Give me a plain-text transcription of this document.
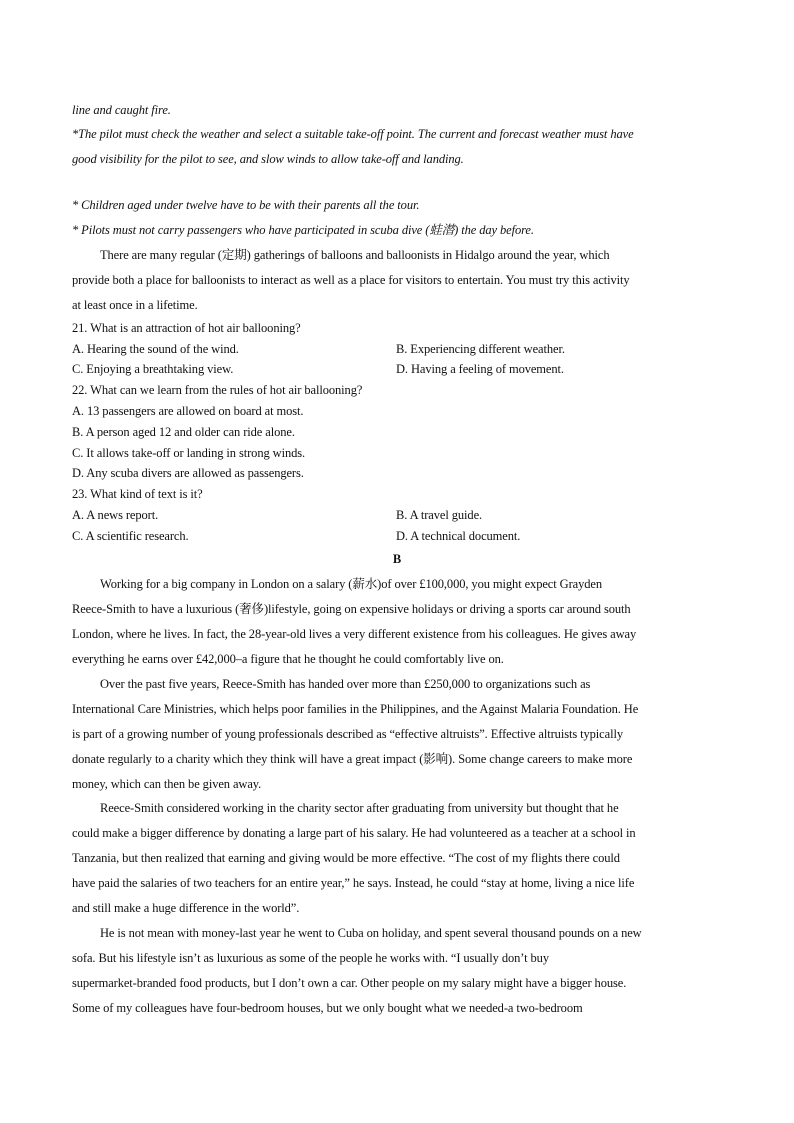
line and caught fire.
*The pilot must check the weather and select a suitable take-off point. The current and forecast weather must have
good visibility for the pilot to see, and slow winds to allow take-off and landing.
* Children aged under twelve have to be with their parents all the tour.
* Pilots must not carry passengers who have participated in scuba dive (蛙潜) the day before.
There are many regular (定期) gatherings of balloons and balloonists in Hidalgo around the year, which
provide both a place for balloonists to interact as well as a place for visitors to entertain. You must try this activity
at least once in a lifetime.
21. What is an attraction of hot air ballooning?
A. Hearing the sound of the wind.	B. Experiencing different weather.
C. Enjoying a breathtaking view.	D. Having a feeling of movement.
22. What can we learn from the rules of hot air ballooning?
A. 13 passengers are allowed on board at most.
B. A person aged 12 and older can ride alone.
C. It allows take-off or landing in strong winds.
D. Any scuba divers are allowed as passengers.
23. What kind of text is it?
A. A news report.	B. A travel guide.
C. A scientific research.	D. A technical document.
B
Working for a big company in London on a salary (薪水)of over £100,000, you might expect Grayden
Reece-Smith to have a luxurious (奢侈)lifestyle, going on expensive holidays or driving a sports car around south
London, where he lives. In fact, the 28-year-old lives a very different existence from his colleagues. He gives away
everything he earns over £42,000–a figure that he thought he could comfortably live on.
Over the past five years, Reece-Smith has handed over more than £250,000 to organizations such as
International Care Ministries, which helps poor families in the Philippines, and the Against Malaria Foundation. He
is part of a growing number of young professionals described as “effective altruists”. Effective altruists typically
donate regularly to a charity which they think will have a great impact (影响). Some change careers to make more
money, which can then be given away.
Reece-Smith considered working in the charity sector after graduating from university but thought that he
could make a bigger difference by donating a large part of his salary. He had volunteered as a teacher at a school in
Tanzania, but then realized that earning and giving would be more effective. “The cost of my flights there could
have paid the salaries of two teachers for an entire year,” he says. Instead, he could “stay at home, living a nice life
and still make a huge difference in the world”.
He is not mean with money-last year he went to Cuba on holiday, and spent several thousand pounds on a new
sofa. But his lifestyle isn’t as luxurious as some of the people he works with. “I usually don’t buy
supermarket-branded food products, but I don’t own a car. Other people on my salary might have a bigger house.
Some of my colleagues have four-bedroom houses, but we only bought what we needed-a two-bedroom
